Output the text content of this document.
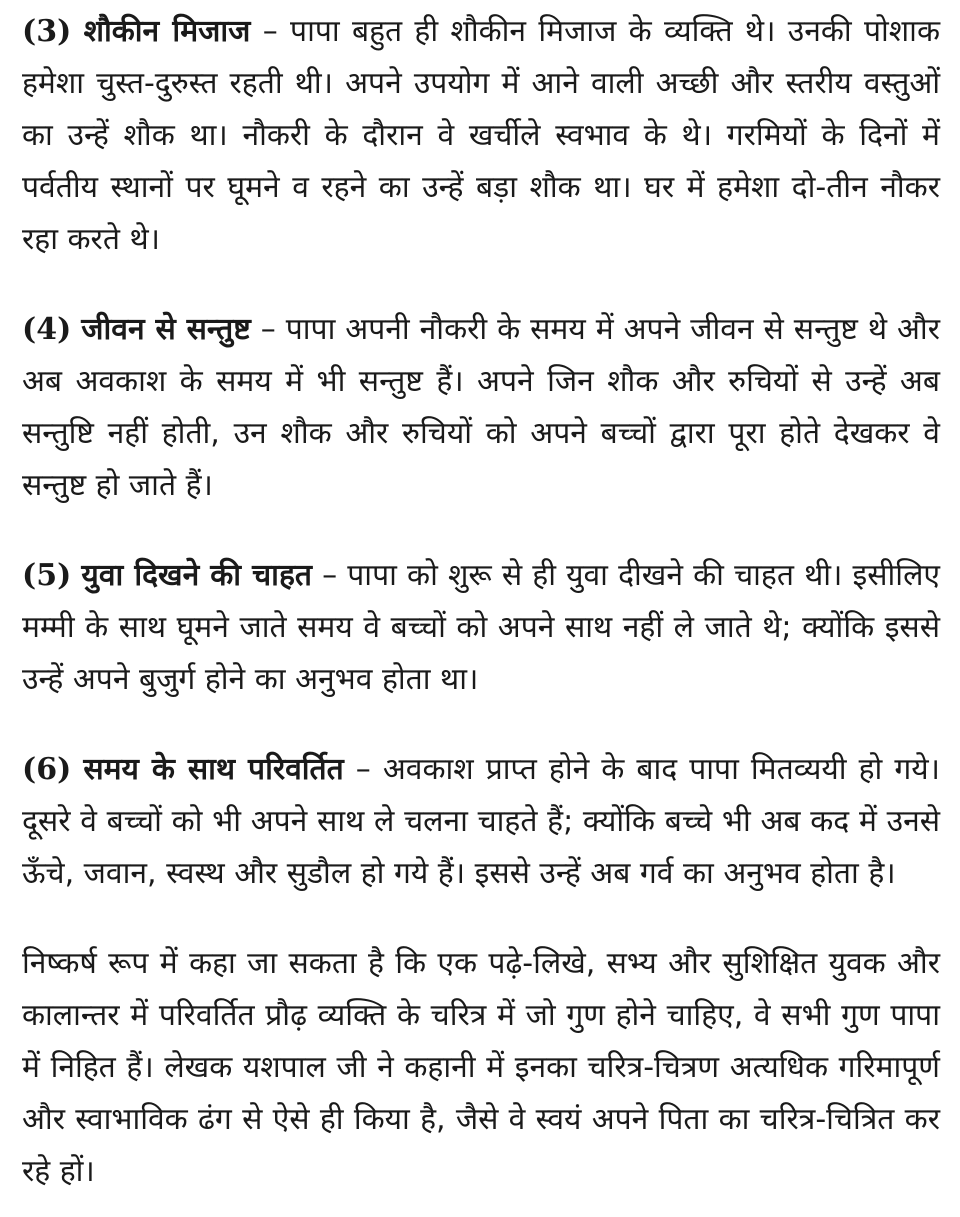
(3) शौकीन मिजाज – पापा बहुत ही शौकीन मिजाज के व्यक्ति थे। उनकी पोशाक हमेशा चुस्त-दुरुस्त रहती थी। अपने उपयोग में आने वाली अच्छी और स्तरीय वस्तुओं का उन्हें शौक था। नौकरी के दौरान वे खर्चीले स्वभाव के थे। गरमियों के दिनों में पर्वतीय स्थानों पर घूमने व रहने का उन्हें बड़ा शौक था। घर में हमेशा दो-तीन नौकर रहा करते थे।

(4) जीवन से सन्तुष्ट – पापा अपनी नौकरी के समय में अपने जीवन से सन्तुष्ट थे और अब अवकाश के समय में भी सन्तुष्ट हैं। अपने जिन शौक और रुचियों से उन्हें अब सन्तुष्टि नहीं होती, उन शौक और रुचियों को अपने बच्चों द्वारा पूरा होते देखकर वे सन्तुष्ट हो जाते हैं।

(5) युवा दिखने की चाहत – पापा को शुरू से ही युवा दीखने की चाहत थी। इसीलिए मम्मी के साथ घूमने जाते समय वे बच्चों को अपने साथ नहीं ले जाते थे; क्योंकि इससे उन्हें अपने बुजुर्ग होने का अनुभव होता था।

(6) समय के साथ परिवर्तित – अवकाश प्राप्त होने के बाद पापा मितव्ययी हो गये। दूसरे वे बच्चों को भी अपने साथ ले चलना चाहते हैं; क्योंकि बच्चे भी अब कद में उनसे ऊँचे, जवान, स्वस्थ और सुडौल हो गये हैं। इससे उन्हें अब गर्व का अनुभव होता है।

निष्कर्ष रूप में कहा जा सकता है कि एक पढ़े-लिखे, सभ्य और सुशिक्षित युवक और कालान्तर में परिवर्तित प्रौढ़ व्यक्ति के चरित्र में जो गुण होने चाहिए, वे सभी गुण पापा में निहित हैं। लेखक यशपाल जी ने कहानी में इनका चरित्र-चित्रण अत्यधिक गरिमापूर्ण और स्वाभाविक ढंग से ऐसे ही किया है, जैसे वे स्वयं अपने पिता का चरित्र-चित्रित कर रहे हों।
